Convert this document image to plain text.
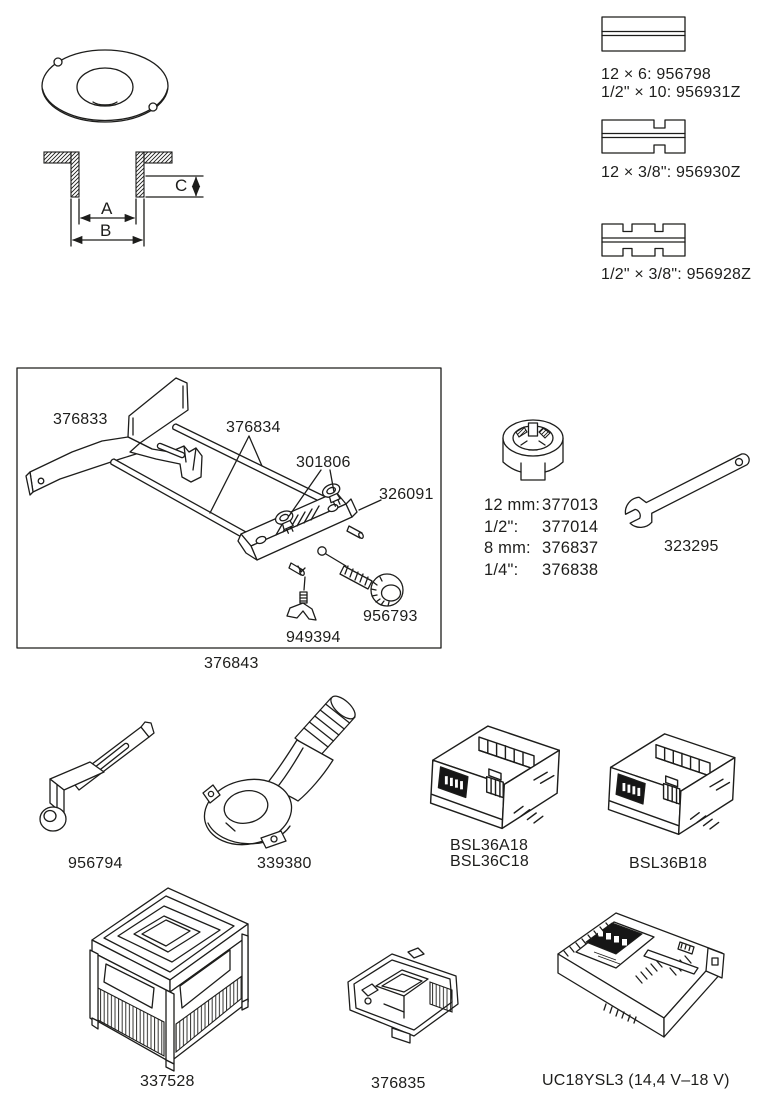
A
B
C
12 × 6: 956798
1/2" × 10: 956931Z
12 × 3/8": 956930Z
1/2" × 3/8": 956928Z
376833	376834
301806
326091
956793
949394
376843
12 mm: 377013
1/2":	377014
8 mm: 376837
1/4":	376838
323295
956794	339380
BSL36A18
BSL36C18	BSL36B18
337528	376835	UC18YSL3 (14,4 V–18 V)
